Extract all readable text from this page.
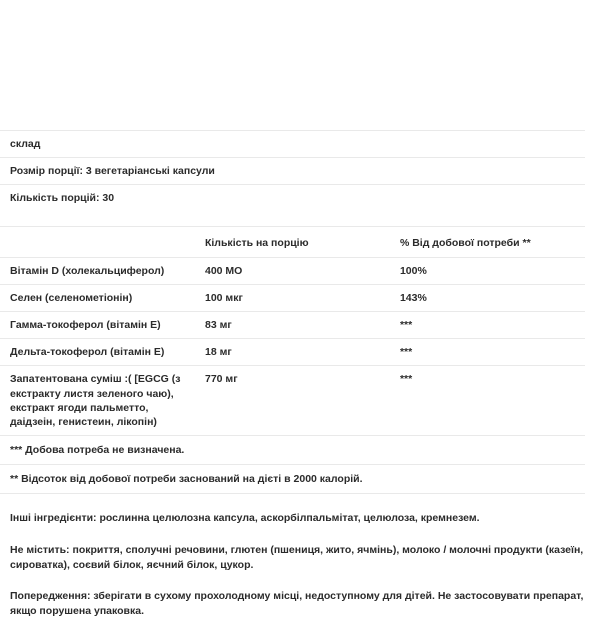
склад		
Розмір порції: 3 вегетаріанські капсули		
Кількість порцій: 30		

	Кількість на порцію	% Від добової потреби **
Вітамін D (холекальциферол)	400 МО	100%
Селен (селенометіонін)	100 мкг	143%
Гамма-токоферол (вітамін Е)	83 мг	***
Дельта-токоферол (вітамін Е)	18 мг	***
Запатентована суміш :( [EGCG (з екстракту листя зеленого чаю), екстракт ягоди пальметто, даідзеін, генистеин, лікопін)	770 мг	***
*** Добова потреба не визначена.		
** Відсоток від добової потреби заснований на дієті в 2000 калорій.		

Інші інгредієнти: рослинна целюлозна капсула, аскорбілпальмітат, целюлоза, кремнезем.

Не містить: покриття, сполучні речовини, глютен (пшениця, жито, ячмінь), молоко / молочні продукти (казеїн, сироватка), соєвий білок, яєчний білок, цукор.

Попередження: зберігати в сухому прохолодному місці, недоступному для дітей. Не застосовувати препарат, якщо порушена упаковка.
